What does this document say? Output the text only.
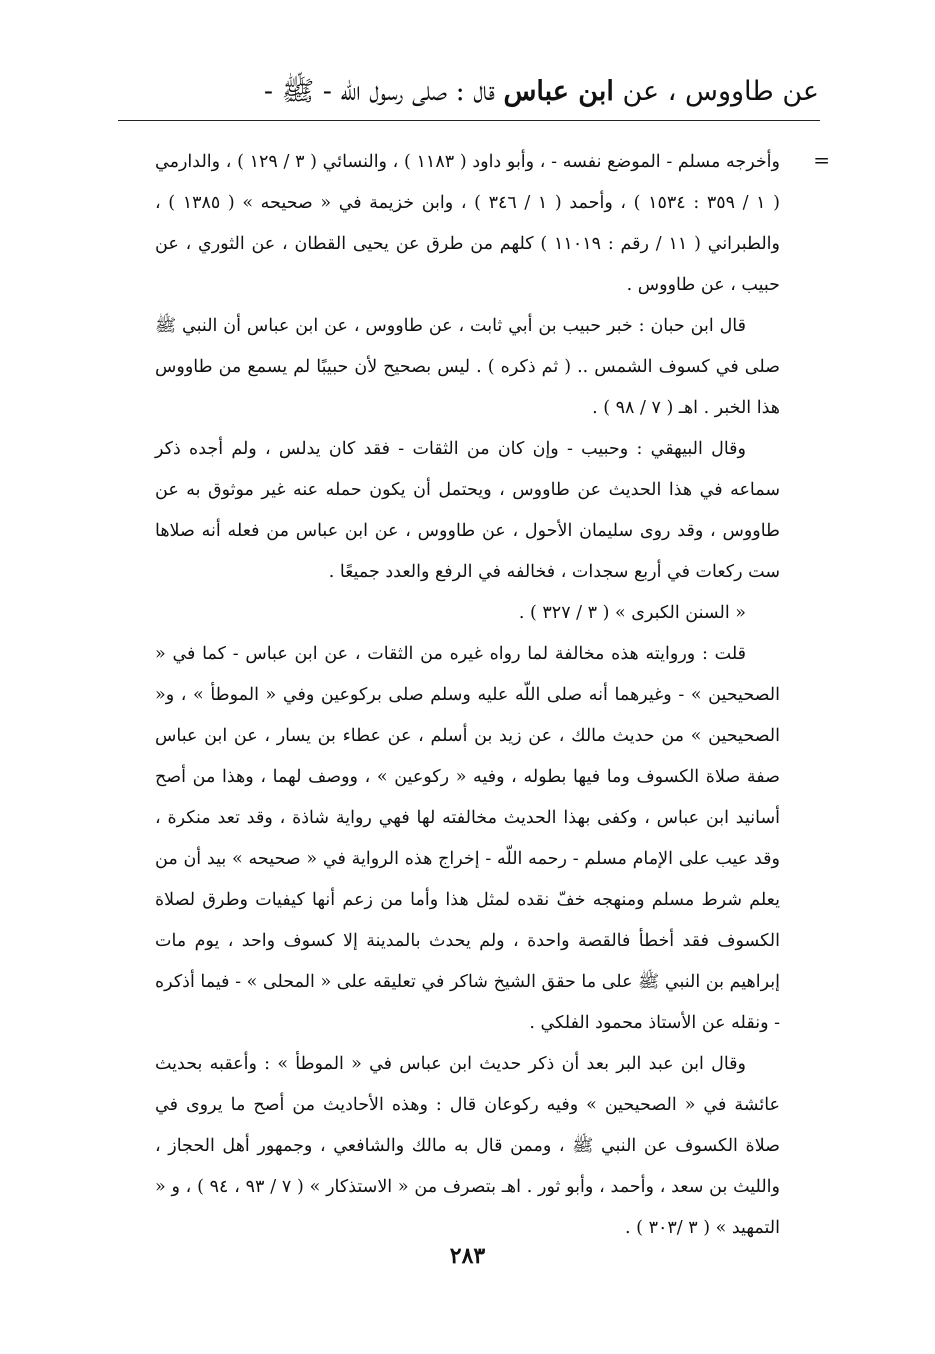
عن طاووس ، عن ابن عباس قال : صلى رسول اللّه - ﷺ -
=

وأخرجه مسلم - الموضع نفسه - ، وأبو داود ( ١١٨٣ ) ، والنسائي ( ٣ / ١٢٩ ) ، والدارمي ( ١ / ٣٥٩ : ١٥٣٤ ) ، وأحمد ( ١ / ٣٤٦ ) ، وابن خزيمة في « صحيحه » ( ١٣٨٥ ) ، والطبراني ( ١١ / رقم : ١١٠١٩ ) كلهم من طرق عن يحيى القطان ، عن الثوري ، عن حبيب ، عن طاووس .

قال ابن حبان : خبر حبيب بن أبي ثابت ، عن طاووس ، عن ابن عباس أن النبي ﷺ صلى في كسوف الشمس .. ( ثم ذكره ) . ليس بصحيح لأن حبيبًا لم يسمع من طاووس هذا الخبر . اهـ ( ٧ / ٩٨ ) .

وقال البيهقي : وحبيب - وإن كان من الثقات - فقد كان يدلس ، ولم أجده ذكر سماعه في هذا الحديث عن طاووس ، ويحتمل أن يكون حمله عنه غير موثوق به عن طاووس ، وقد روى سليمان الأحول ، عن طاووس ، عن ابن عباس من فعله أنه صلاها ست ركعات في أربع سجدات ، فخالفه في الرفع والعدد جميعًا .

« السنن الكبرى » ( ٣ / ٣٢٧ ) .

قلت : وروايته هذه مخالفة لما رواه غيره من الثقات ، عن ابن عباس - كما في « الصحيحين » - وغيرهما أنه صلى اللّه عليه وسلم صلى بركوعين وفي « الموطأ » ، و« الصحيحين » من حديث مالك ، عن زيد بن أسلم ، عن عطاء بن يسار ، عن ابن عباس صفة صلاة الكسوف وما فيها بطوله ، وفيه « ركوعين » ، ووصف لهما ، وهذا من أصح أسانيد ابن عباس ، وكفى بهذا الحديث مخالفته لها فهي رواية شاذة ، وقد تعد منكرة ، وقد عيب على الإمام مسلم - رحمه اللّه - إخراج هذه الرواية في « صحيحه » بيد أن من يعلم شرط مسلم ومنهجه خفّ نقده لمثل هذا وأما من زعم أنها كيفيات وطرق لصلاة الكسوف فقد أخطأ فالقصة واحدة ، ولم يحدث بالمدينة إلا كسوف واحد ، يوم مات إبراهيم بن النبي ﷺ على ما حقق الشيخ شاكر في تعليقه على « المحلى » - فيما أذكره - ونقله عن الأستاذ محمود الفلكي .

وقال ابن عبد البر بعد أن ذكر حديث ابن عباس في « الموطأ » : وأعقبه بحديث عائشة في « الصحيحين » وفيه ركوعان قال : وهذه الأحاديث من أصح ما يروى في صلاة الكسوف عن النبي ﷺ ، وممن قال به مالك والشافعي ، وجمهور أهل الحجاز ، والليث بن سعد ، وأحمد ، وأبو ثور . اهـ بتصرف من « الاستذكار » ( ٧ / ٩٣ ، ٩٤ ) ، و « التمهيد » ( ٣ /٣٠٣ ) .

٢٨٣
